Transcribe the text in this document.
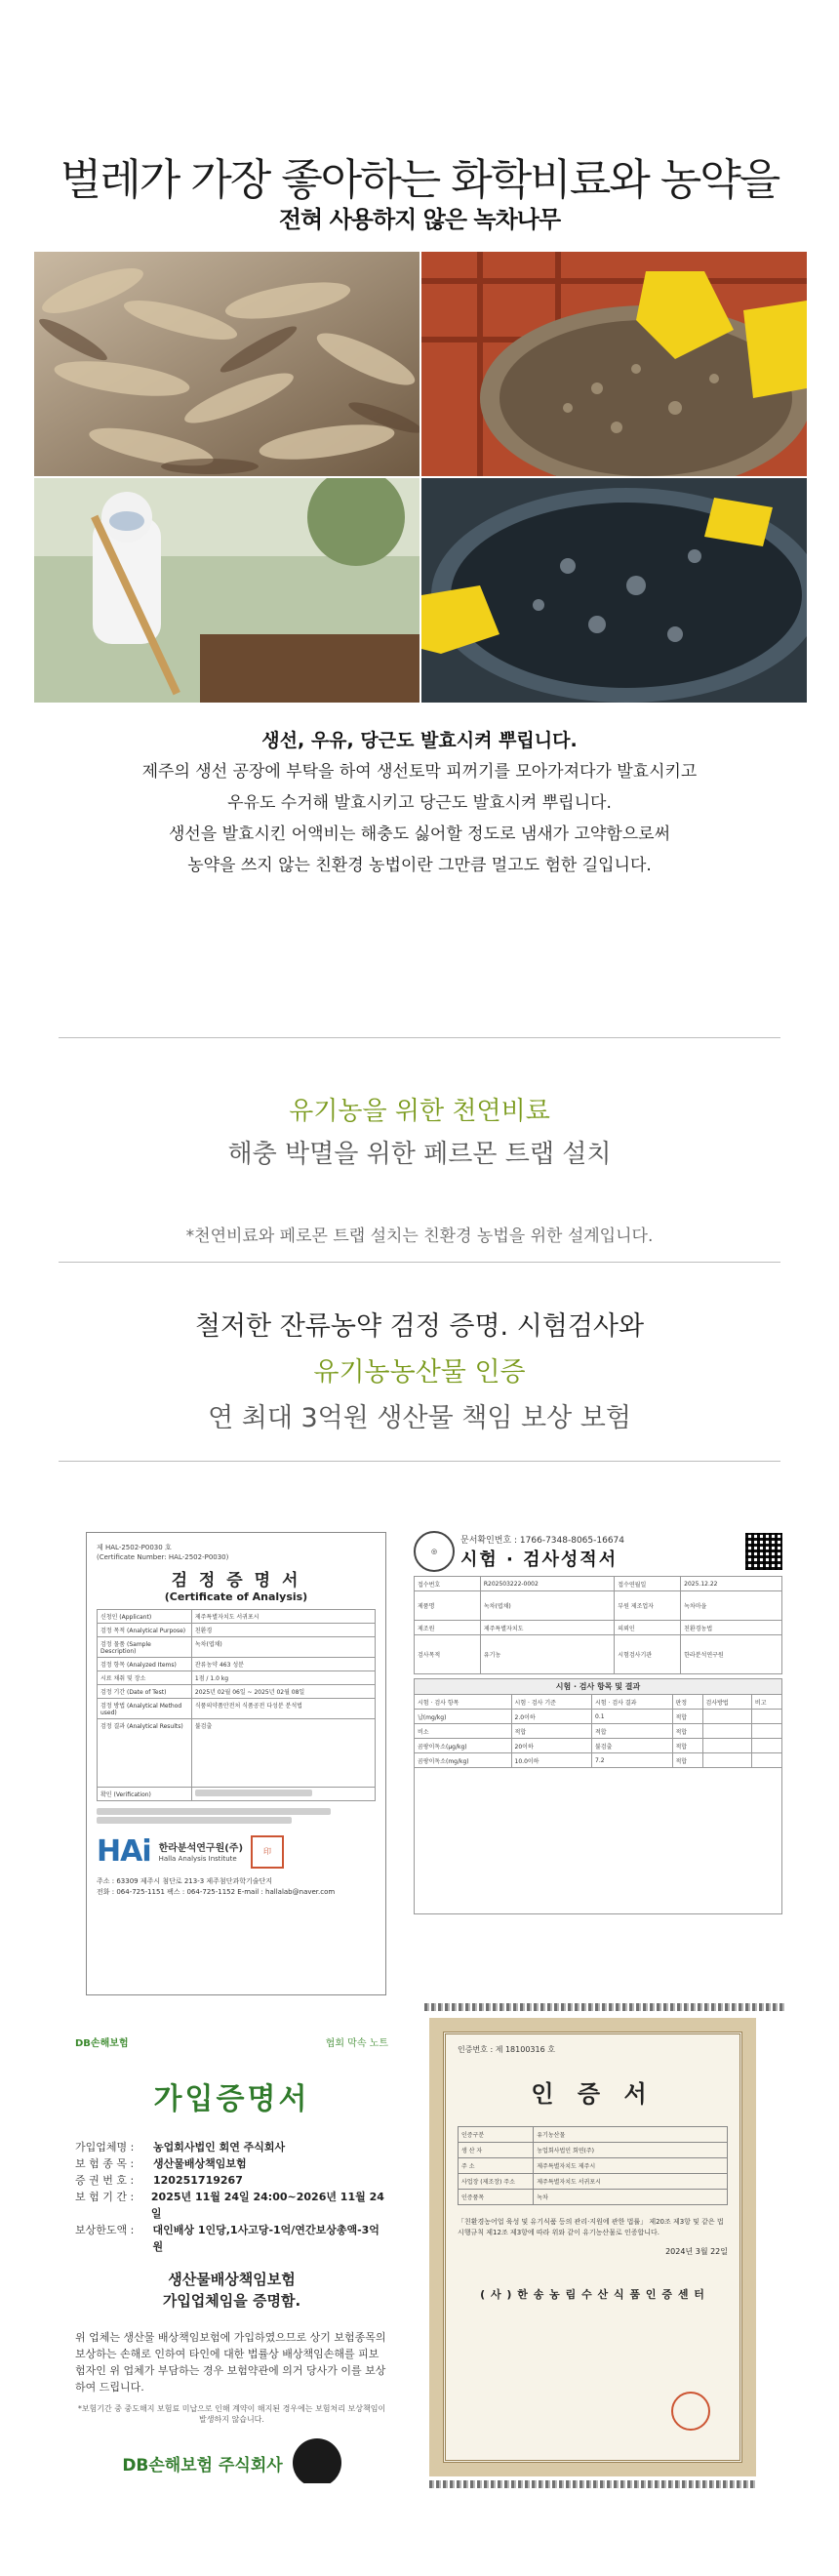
벌레가 가장 좋아하는 화학비료와 농약을
전혀 사용하지 않은 녹차나무
생선, 우유, 당근도 발효시켜 뿌립니다.
제주의 생선 공장에 부탁을 하여 생선토막 피꺼기를 모아가져다가 발효시키고
우유도 수거해 발효시키고 당근도 발효시켜 뿌립니다.
생선을 발효시킨 어액비는 해충도 싫어할 정도로 냄새가 고약함으로써
농약을 쓰지 않는 친환경 농법이란 그만큼 멀고도 험한 길입니다.
유기농을 위한 천연비료
해충 박멸을 위한 페르몬 트랩 설치
*천연비료와 페로몬 트랩 설치는 친환경 농법을 위한 설계입니다.
철저한 잔류농약 검정 증명. 시험검사와
유기농농산물 인증
연 최대 3억원 생산물 책임 보상 보험
제 HAL-2502-P0030 호
(Certificate Number: HAL-2502-P0030)
검 정 증 명 서
(Certificate of Analysis)
신청인 (Applicant)	제주특별자치도 서귀포시
검정 목적 (Analytical Purpose)	친환경
검정 물품 (Sample Description)	녹차(엽채)
검정 항목 (Analyzed Items)	잔류농약 463 성분
시료 채취 및 장소	1점 / 1.0 kg
검정 기간 (Date of Test)	2025년 02월 06일 ~ 2025년 02월 08일
검정 방법 (Analytical Method used)	식품의약품안전처 식품공전 다성분 분석법
검정 결과 (Analytical Results)	불검출
확인 (Verification)	

HAi 한라분석연구원(주)
Halla Analysis Institute
印
주소 : 63309 제주시 첨단로 213-3 제주첨단과학기술단지
전화 : 064-725-1151 팩스 : 064-725-1152 E-mail : hallalab@naver.com
◎
문서확인번호 : 1766-7348-8065-16674
시험 · 검사성적서
접수번호	R202503222-0002	접수연월일	2025.12.22
제품명	녹차(엽채)	부원 제조업자	녹차마을
제조원	제주특별자치도	의뢰인	친환경농법
검사목적	유기농	시험검사기관	한라분석연구원
시험 · 검사 항목 및 결과					
시험 · 검사 항목	시험 · 검사 기준	시험 · 검사 결과	판정	검사방법	비고
납(mg/kg)	2.0이하	0.1	적합		
비소	적합	적합	적합		
곰팡이독소(μg/kg)	20이하	불검출	적합		
곰팡이독소(mg/kg)	10.0이하	7.2	적합		

DB손해보험	협회 막속 노트
가입증명서
가입업체명 :	농업회사법인 회연 주식회사
보 험 종 목 :	생산물배상책임보험
증 권 번 호 :	120251719267
보 험 기 간 :	2025년 11월 24일 24:00~2026년 11월 24일
보상한도액 :	대인배상 1인당,1사고당-1억/연간보상총액-3억원
생산물배상책임보험
가입업체임을 증명함.
위 업체는 생산물 배상책임보험에 가입하였으므로 상기 보험종목의 보상하는 손해로 인하여 타인에 대한 법률상 배상책임손해를 피보험자인 위 업체가 부담하는 경우 보험약관에 의거 당사가 이를 보상하여 드립니다.
*보험기간 중 중도해지 보험료 미납으로 인해 계약이 해지된 경우에는 보험처리 보상책임이 발생하지 않습니다.
DB손해보험 주식회사
인증번호 : 제 18100316 호
인 증 서
인증구분	유기농산물
생 산 자	농업회사법인 회연(주)
주 소	제주특별자치도 제주시
사업장 (제조장) 주소	제주특별자치도 서귀포시
인증품목	녹차
「친환경농어업 육성 및 유기식품 등의 관리·지원에 관한 법률」 제20조 제3항 및 같은 법 시행규칙 제12조 제3항에 따라 위와 같이 유기농산물로 인증합니다.
2024년 3월 22일
( 사 ) 한 송 농 림 수 산 식 품 인 증 센 터
